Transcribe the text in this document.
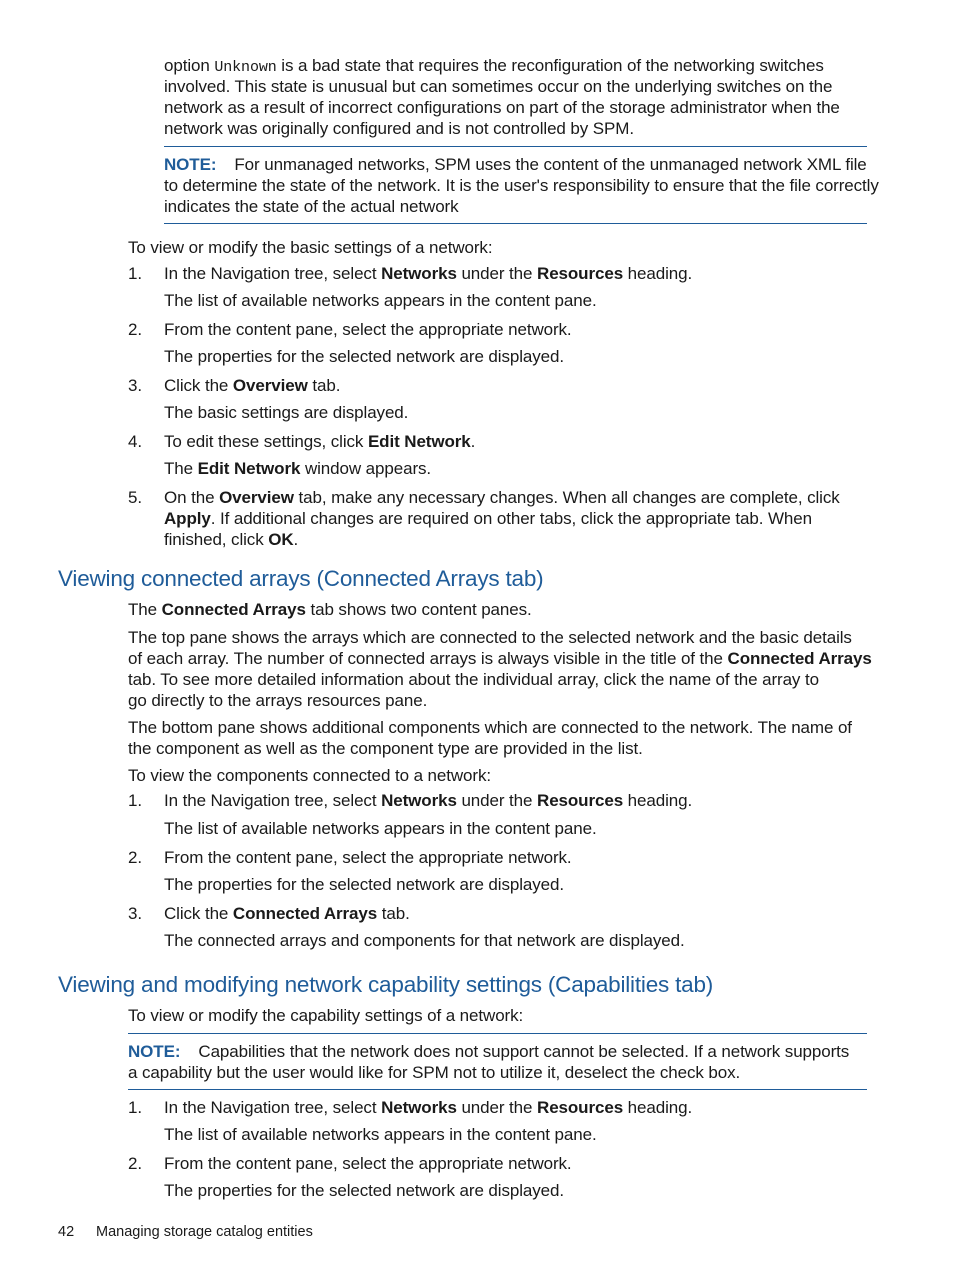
option Unknown is a bad state that requires the reconfiguration of the networking switches

involved. This state is unusual but can sometimes occur on the underlying switches on the

network as a result of incorrect configurations on part of the storage administrator when the

network was originally configured and is not controlled by SPM.

NOTE: For unmanaged networks, SPM uses the content of the unmanaged network XML file

to determine the state of the network. It is the user's responsibility to ensure that the file correctly

indicates the state of the actual network

To view or modify the basic settings of a network:

1.	In the Navigation tree, select Networks under the Resources heading.

The list of available networks appears in the content pane.

2.	From the content pane, select the appropriate network.

The properties for the selected network are displayed.

3.	Click the Overview tab.

The basic settings are displayed.

4.	To edit these settings, click Edit Network.

The Edit Network window appears.

5.	On the Overview tab, make any necessary changes. When all changes are complete, click

Apply. If additional changes are required on other tabs, click the appropriate tab. When

finished, click OK.

Viewing connected arrays (Connected Arrays tab)

The Connected Arrays tab shows two content panes.

The top pane shows the arrays which are connected to the selected network and the basic details

of each array. The number of connected arrays is always visible in the title of the Connected Arrays

tab. To see more detailed information about the individual array, click the name of the array to

go directly to the arrays resources pane.

The bottom pane shows additional components which are connected to the network. The name of

the component as well as the component type are provided in the list.

To view the components connected to a network:

1.	In the Navigation tree, select Networks under the Resources heading.

The list of available networks appears in the content pane.

2.	From the content pane, select the appropriate network.

The properties for the selected network are displayed.

3.	Click the Connected Arrays tab.

The connected arrays and components for that network are displayed.

Viewing and modifying network capability settings (Capabilities tab)

To view or modify the capability settings of a network:

NOTE: Capabilities that the network does not support cannot be selected. If a network supports

a capability but the user would like for SPM not to utilize it, deselect the check box.

1.	In the Navigation tree, select Networks under the Resources heading.

The list of available networks appears in the content pane.

2.	From the content pane, select the appropriate network.

The properties for the selected network are displayed.

42 Managing storage catalog entities
